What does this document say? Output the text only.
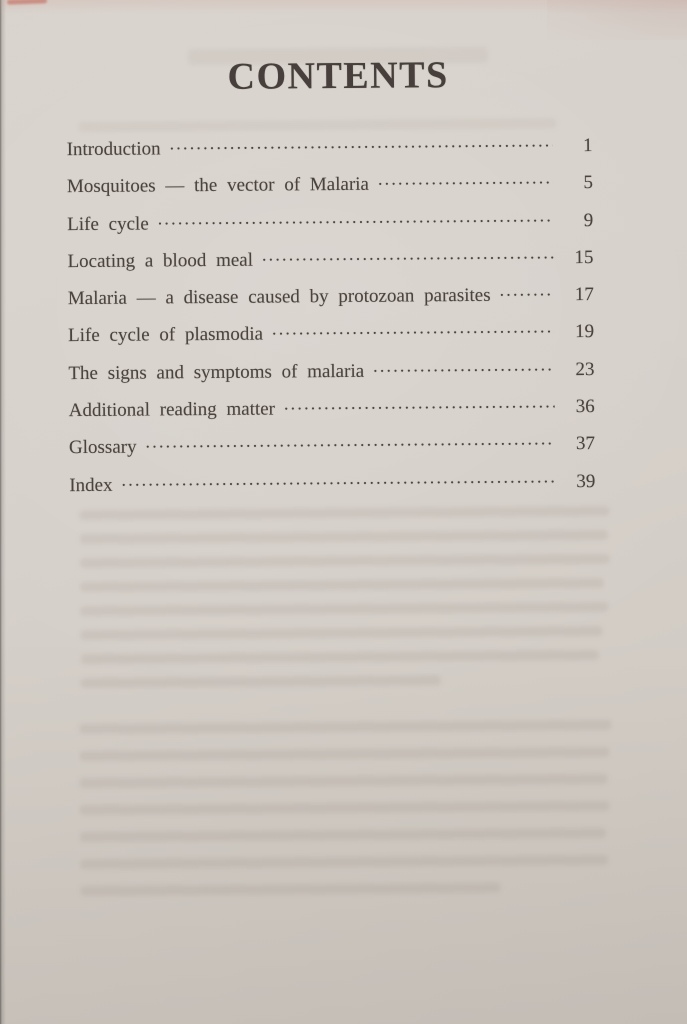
CONTENTS
Introduction .....	1
Mosquitoes — the vector of Malaria .....	5
Life cycle .....	9
Locating a blood meal .....	15
Malaria — a disease caused by protozoan parasites .....	17
Life cycle of plasmodia .....	19
The signs and symptoms of malaria .....	23
Additional reading matter .....	36
Glossary .....	37
Index .....	39
